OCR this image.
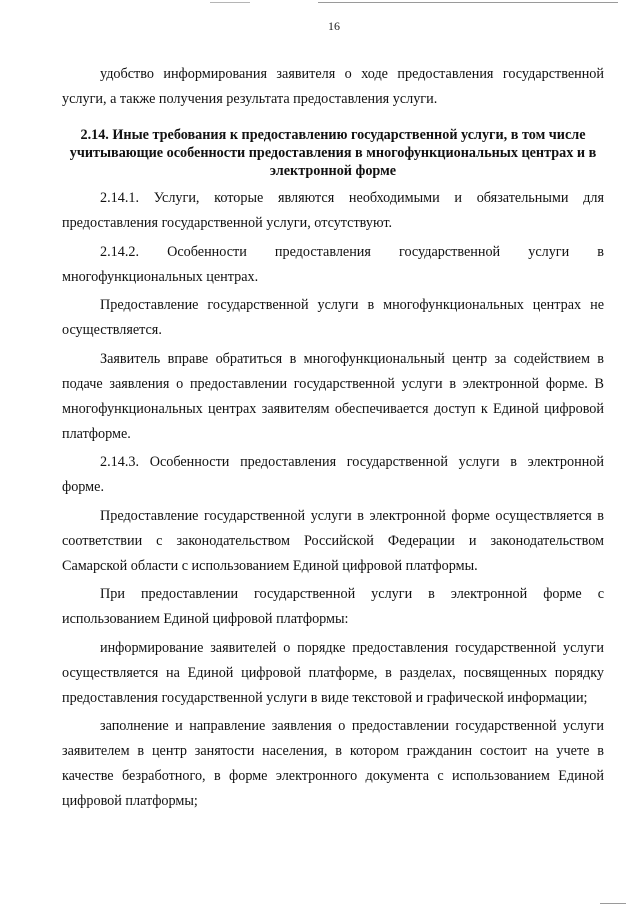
16

удобство информирования заявителя о ходе предоставления государственной услуги, а также получения результата предоставления услуги.

2.14. Иные требования к предоставлению государственной услуги, в том числе учитывающие особенности предоставления в многофункциональных центрах и в электронной форме

2.14.1. Услуги, которые являются необходимыми и обязательными для предоставления государственной услуги, отсутствуют.

2.14.2. Особенности предоставления государственной услуги в многофункциональных центрах.

Предоставление государственной услуги в многофункциональных центрах не осуществляется.

Заявитель вправе обратиться в многофункциональный центр за содействием в подаче заявления о предоставлении государственной услуги в электронной форме. В многофункциональных центрах заявителям обеспечивается доступ к Единой цифровой платформе.

2.14.3. Особенности предоставления государственной услуги в электронной форме.

Предоставление государственной услуги в электронной форме осуществляется в соответствии с законодательством Российской Федерации и законодательством Самарской области с использованием Единой цифровой платформы.

При предоставлении государственной услуги в электронной форме с использованием Единой цифровой платформы:

информирование заявителей о порядке предоставления государственной услуги осуществляется на Единой цифровой платформе, в разделах, посвященных порядку предоставления государственной услуги в виде текстовой и графической информации;

заполнение и направление заявления о предоставлении государственной услуги заявителем в центр занятости населения, в котором гражданин состоит на учете в качестве безработного, в форме электронного документа с использованием Единой цифровой платформы;
